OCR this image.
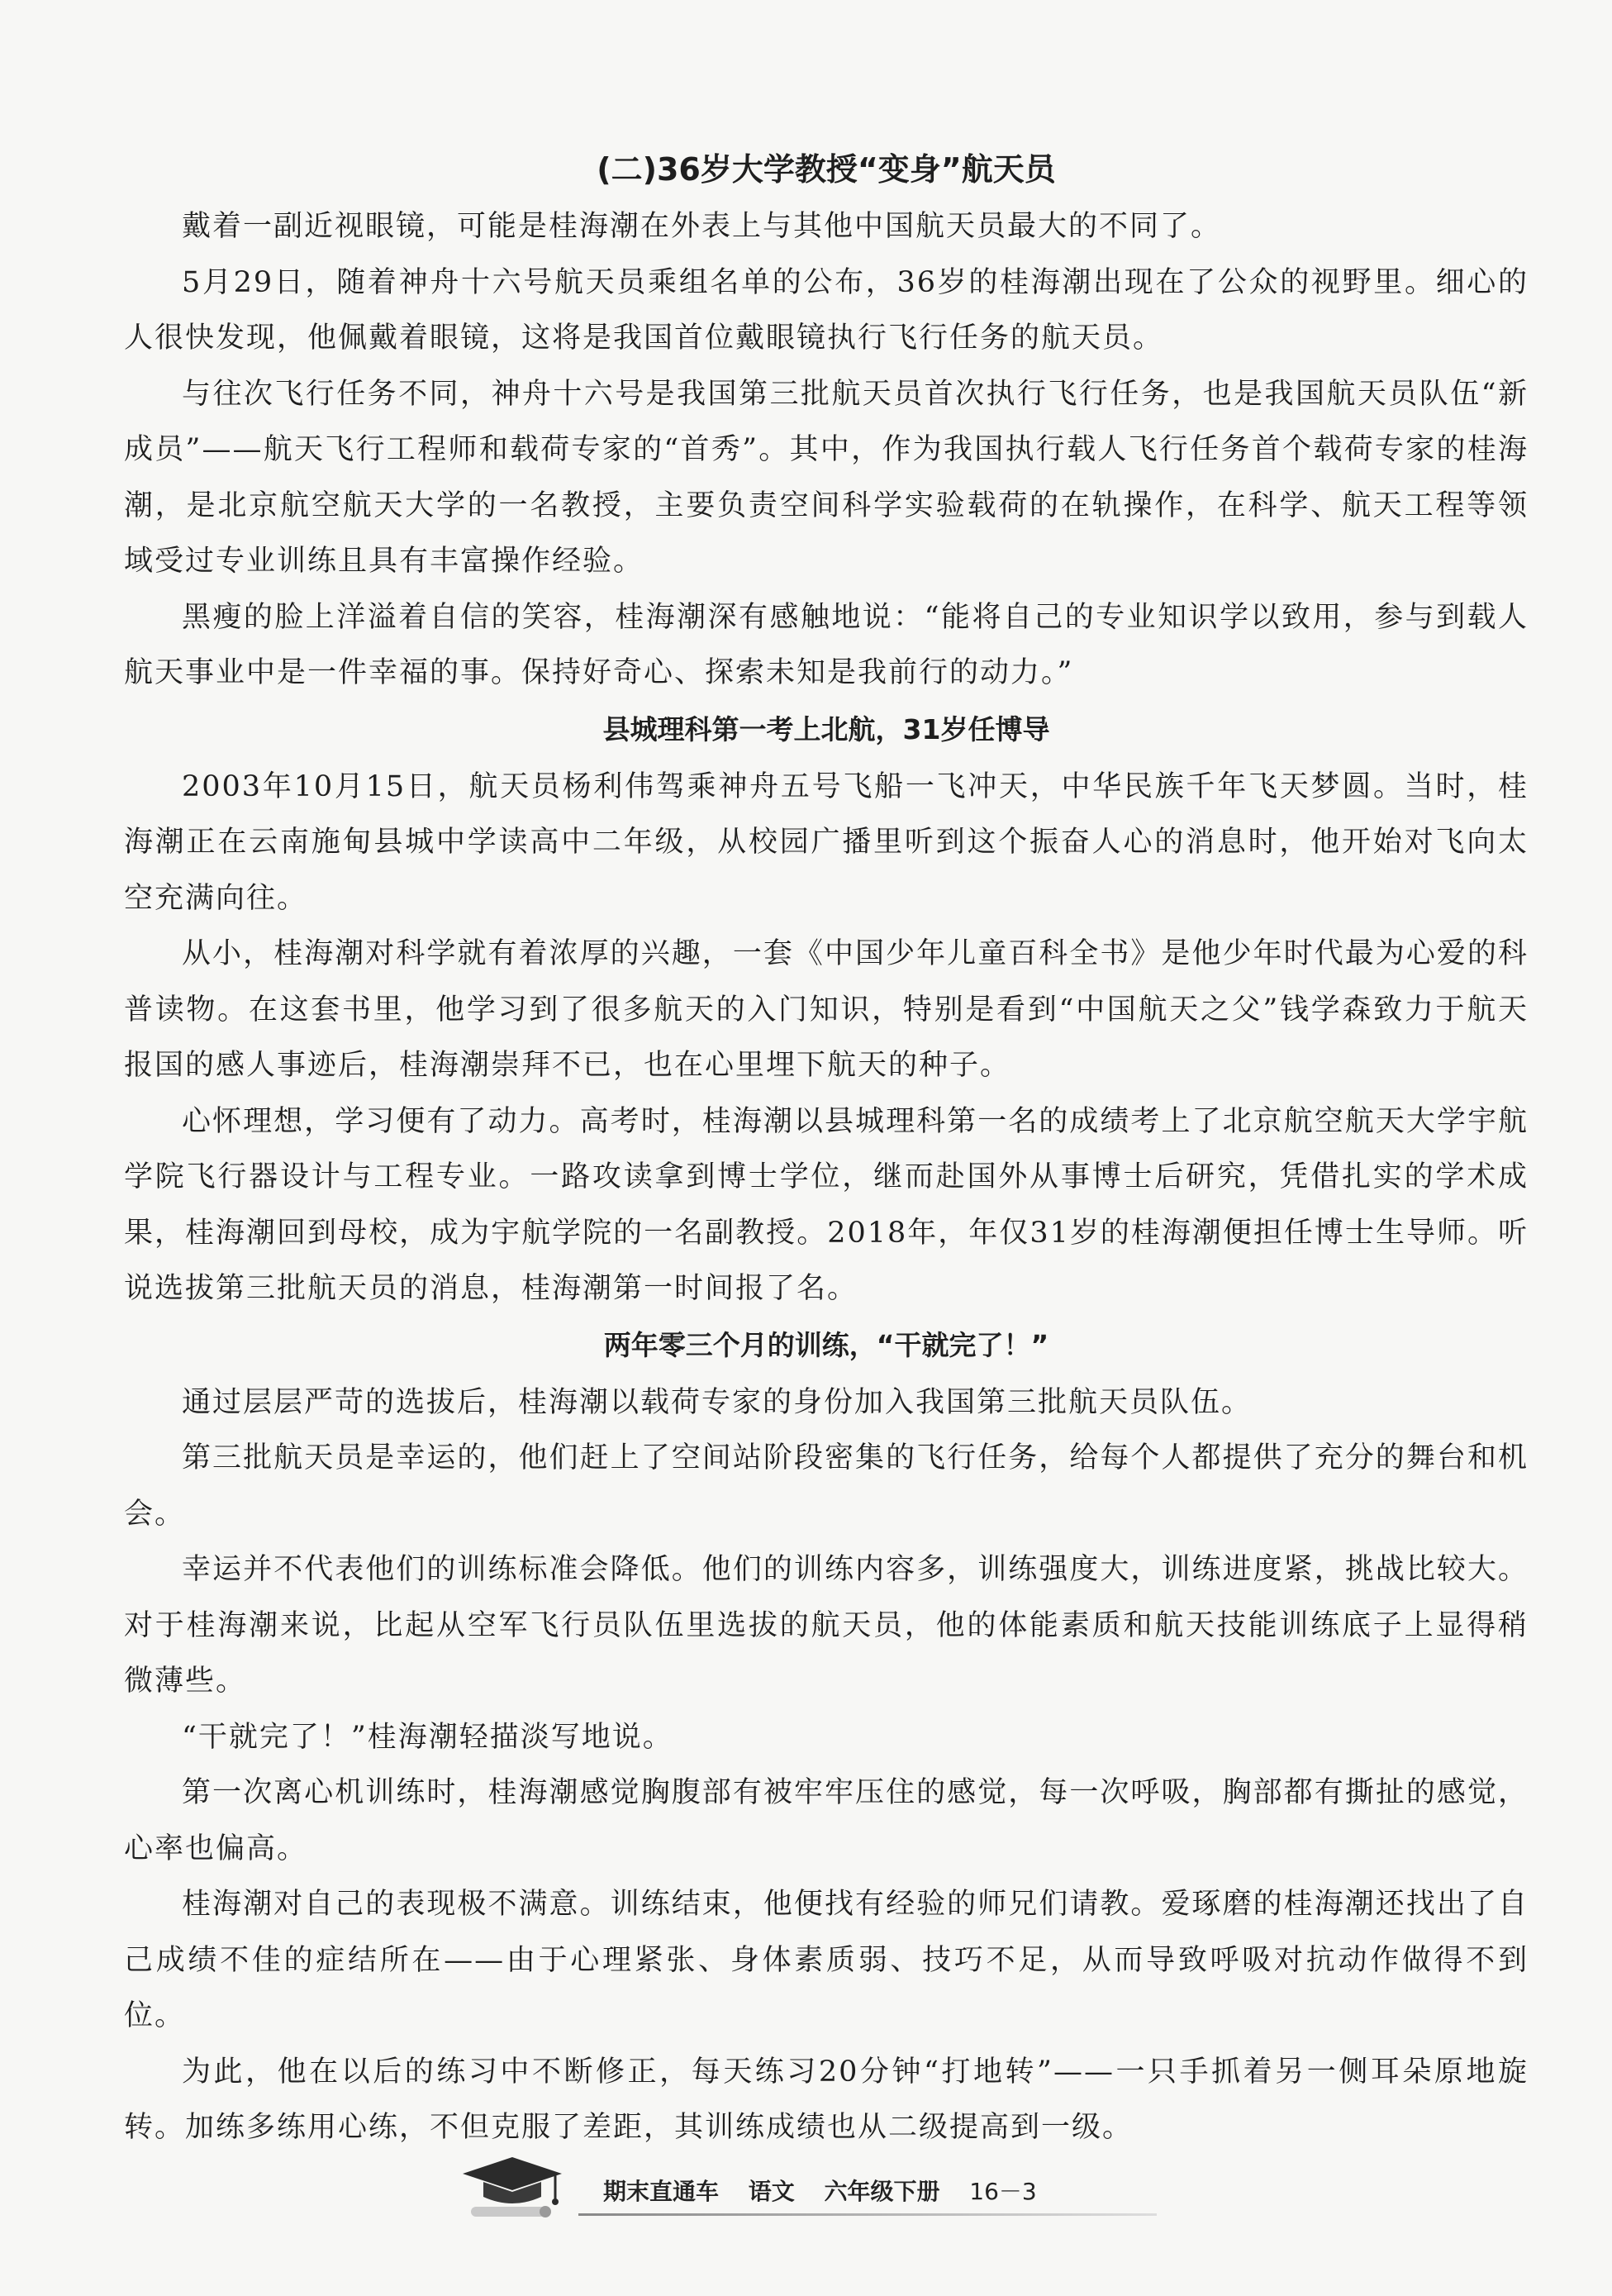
(二)36岁大学教授“变身”航天员

戴着一副近视眼镜，可能是桂海潮在外表上与其他中国航天员最大的不同了。

5月29日，随着神舟十六号航天员乘组名单的公布，36岁的桂海潮出现在了公众的视野里。细心的人很快发现，他佩戴着眼镜，这将是我国首位戴眼镜执行飞行任务的航天员。

与往次飞行任务不同，神舟十六号是我国第三批航天员首次执行飞行任务，也是我国航天员队伍“新成员”——航天飞行工程师和载荷专家的“首秀”。其中，作为我国执行载人飞行任务首个载荷专家的桂海潮，是北京航空航天大学的一名教授，主要负责空间科学实验载荷的在轨操作，在科学、航天工程等领域受过专业训练且具有丰富操作经验。

黑瘦的脸上洋溢着自信的笑容，桂海潮深有感触地说：“能将自己的专业知识学以致用，参与到载人航天事业中是一件幸福的事。保持好奇心、探索未知是我前行的动力。”

县城理科第一考上北航，31岁任博导

2003年10月15日，航天员杨利伟驾乘神舟五号飞船一飞冲天，中华民族千年飞天梦圆。当时，桂海潮正在云南施甸县城中学读高中二年级，从校园广播里听到这个振奋人心的消息时，他开始对飞向太空充满向往。

从小，桂海潮对科学就有着浓厚的兴趣，一套《中国少年儿童百科全书》是他少年时代最为心爱的科普读物。在这套书里，他学习到了很多航天的入门知识，特别是看到“中国航天之父”钱学森致力于航天报国的感人事迹后，桂海潮崇拜不已，也在心里埋下航天的种子。

心怀理想，学习便有了动力。高考时，桂海潮以县城理科第一名的成绩考上了北京航空航天大学宇航学院飞行器设计与工程专业。一路攻读拿到博士学位，继而赴国外从事博士后研究，凭借扎实的学术成果，桂海潮回到母校，成为宇航学院的一名副教授。2018年，年仅31岁的桂海潮便担任博士生导师。听说选拔第三批航天员的消息，桂海潮第一时间报了名。

两年零三个月的训练，“干就完了！”

通过层层严苛的选拔后，桂海潮以载荷专家的身份加入我国第三批航天员队伍。

第三批航天员是幸运的，他们赶上了空间站阶段密集的飞行任务，给每个人都提供了充分的舞台和机会。

幸运并不代表他们的训练标准会降低。他们的训练内容多，训练强度大，训练进度紧，挑战比较大。对于桂海潮来说，比起从空军飞行员队伍里选拔的航天员，他的体能素质和航天技能训练底子上显得稍微薄些。

“干就完了！”桂海潮轻描淡写地说。

第一次离心机训练时，桂海潮感觉胸腹部有被牢牢压住的感觉，每一次呼吸，胸部都有撕扯的感觉，心率也偏高。

桂海潮对自己的表现极不满意。训练结束，他便找有经验的师兄们请教。爱琢磨的桂海潮还找出了自己成绩不佳的症结所在——由于心理紧张、身体素质弱、技巧不足，从而导致呼吸对抗动作做得不到位。

为此，他在以后的练习中不断修正，每天练习20分钟“打地转”——一只手抓着另一侧耳朵原地旋转。加练多练用心练，不但克服了差距，其训练成绩也从二级提高到一级。

期末直通车 语文 六年级下册 16－3
